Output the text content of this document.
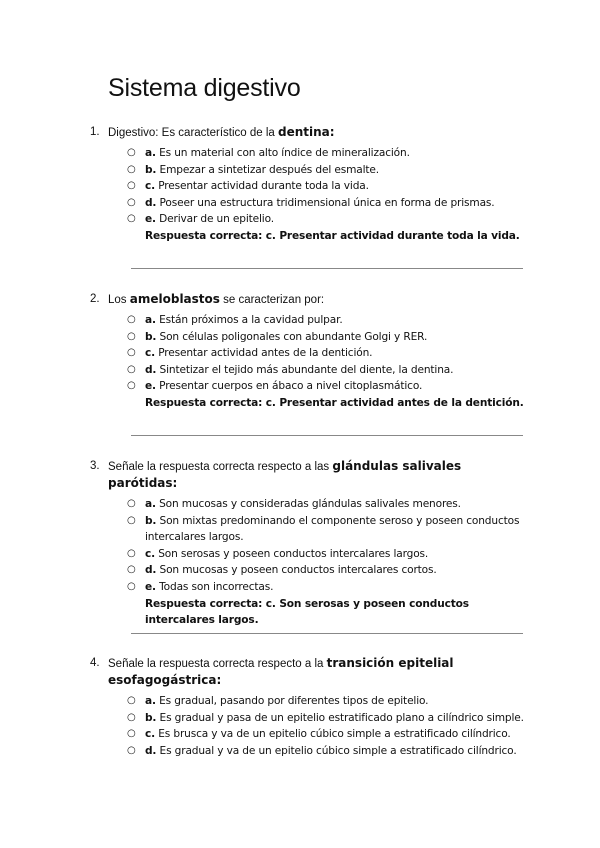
Sistema digestivo
1. Digestivo: Es característico de la dentina:
○ a. Es un material con alto índice de mineralización.
○ b. Empezar a sintetizar después del esmalte.
○ c. Presentar actividad durante toda la vida.
○ d. Poseer una estructura tridimensional única en forma de prismas.
○ e. Derivar de un epitelio.
Respuesta correcta: c. Presentar actividad durante toda la vida.
2. Los ameloblastos se caracterizan por:
○ a. Están próximos a la cavidad pulpar.
○ b. Son células poligonales con abundante Golgi y RER.
○ c. Presentar actividad antes de la dentición.
○ d. Sintetizar el tejido más abundante del diente, la dentina.
○ e. Presentar cuerpos en ábaco a nivel citoplasmático.
Respuesta correcta: c. Presentar actividad antes de la dentición.
3. Señale la respuesta correcta respecto a las glándulas salivales parótidas:
○ a. Son mucosas y consideradas glándulas salivales menores.
○ b. Son mixtas predominando el componente seroso y poseen conductos intercalares largos.
○ c. Son serosas y poseen conductos intercalares largos.
○ d. Son mucosas y poseen conductos intercalares cortos.
○ e. Todas son incorrectas.
Respuesta correcta: c. Son serosas y poseen conductos intercalares largos.
4. Señale la respuesta correcta respecto a la transición epitelial esofagogástrica:
○ a. Es gradual, pasando por diferentes tipos de epitelio.
○ b. Es gradual y pasa de un epitelio estratificado plano a cilíndrico simple.
○ c. Es brusca y va de un epitelio cúbico simple a estratificado cilíndrico.
○ d. Es gradual y va de un epitelio cúbico simple a estratificado cilíndrico.
